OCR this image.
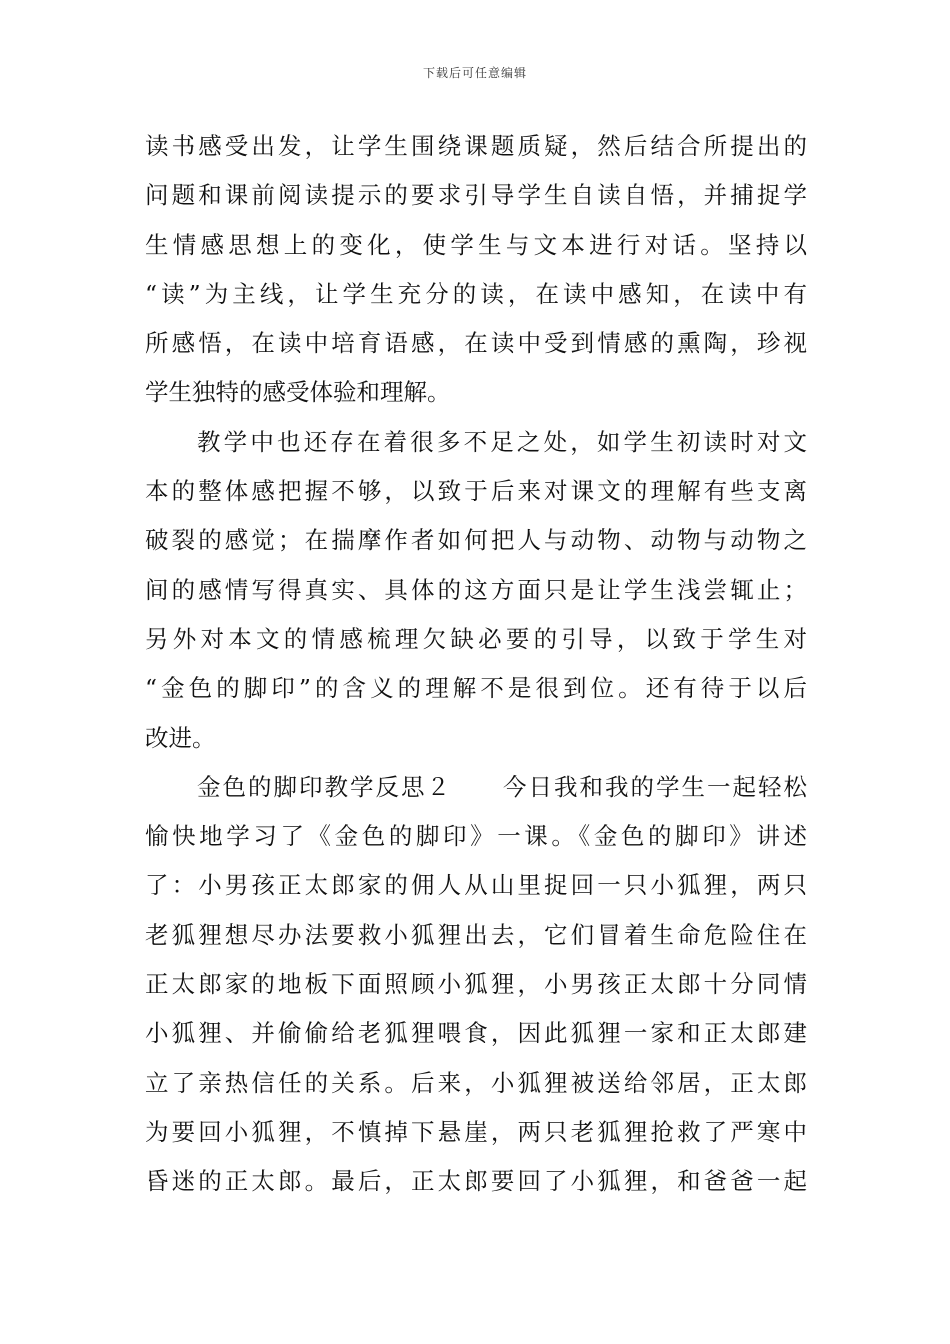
下载后可任意编辑
读书感受出发，让学生围绕课题质疑，然后结合所提出的
问题和课前阅读提示的要求引导学生自读自悟，并捕捉学
生情感思想上的变化，使学生与文本进行对话。坚持以
“读”为主线，让学生充分的读，在读中感知，在读中有
所感悟，在读中培育语感，在读中受到情感的熏陶，珍视
学生独特的感受体验和理解。
教学中也还存在着很多不足之处，如学生初读时对文
本的整体感把握不够，以致于后来对课文的理解有些支离
破裂的感觉；在揣摩作者如何把人与动物、动物与动物之
间的感情写得真实、具体的这方面只是让学生浅尝辄止；
另外对本文的情感梳理欠缺必要的引导，以致于学生对
“金色的脚印”的含义的理解不是很到位。还有待于以后
改进。
金色的脚印教学反思２　　今日我和我的学生一起轻松
愉快地学习了《金色的脚印》一课。《金色的脚印》讲述
了：小男孩正太郎家的佣人从山里捉回一只小狐狸，两只
老狐狸想尽办法要救小狐狸出去，它们冒着生命危险住在
正太郎家的地板下面照顾小狐狸，小男孩正太郎十分同情
小狐狸、并偷偷给老狐狸喂食，因此狐狸一家和正太郎建
立了亲热信任的关系。后来，小狐狸被送给邻居，正太郎
为要回小狐狸，不慎掉下悬崖，两只老狐狸抢救了严寒中
昏迷的正太郎。最后，正太郎要回了小狐狸，和爸爸一起
